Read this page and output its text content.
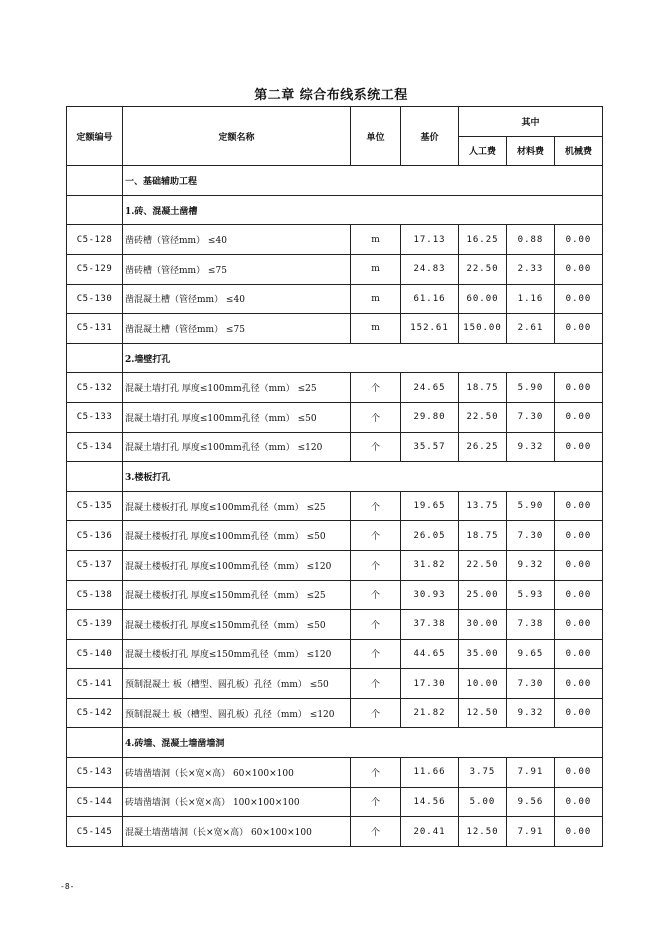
第二章 综合布线系统工程
定额编号	定额名称	单位	基价	其中		
				人工费	材料费	机械费
	一、基础辅助工程					
	1.砖、混凝土凿槽					
C5-128	凿砖槽（管径mm） ≤40	m	17.13	16.25	0.88	0.00
C5-129	凿砖槽（管径mm） ≤75	m	24.83	22.50	2.33	0.00
C5-130	凿混凝土槽（管径mm） ≤40	m	61.16	60.00	1.16	0.00
C5-131	凿混凝土槽（管径mm） ≤75	m	152.61	150.00	2.61	0.00
	2.墙壁打孔					
C5-132	混凝土墙打孔 厚度≤100mm孔径（mm） ≤25	个	24.65	18.75	5.90	0.00
C5-133	混凝土墙打孔 厚度≤100mm孔径（mm） ≤50	个	29.80	22.50	7.30	0.00
C5-134	混凝土墙打孔 厚度≤100mm孔径（mm） ≤120	个	35.57	26.25	9.32	0.00
	3.楼板打孔					
C5-135	混凝土楼板打孔 厚度≤100mm孔径（mm） ≤25	个	19.65	13.75	5.90	0.00
C5-136	混凝土楼板打孔 厚度≤100mm孔径（mm） ≤50	个	26.05	18.75	7.30	0.00
C5-137	混凝土楼板打孔 厚度≤100mm孔径（mm） ≤120	个	31.82	22.50	9.32	0.00
C5-138	混凝土楼板打孔 厚度≤150mm孔径（mm） ≤25	个	30.93	25.00	5.93	0.00
C5-139	混凝土楼板打孔 厚度≤150mm孔径（mm） ≤50	个	37.38	30.00	7.38	0.00
C5-140	混凝土楼板打孔 厚度≤150mm孔径（mm） ≤120	个	44.65	35.00	9.65	0.00
C5-141	预制混凝土 板（槽型、圆孔板）孔径（mm） ≤50	个	17.30	10.00	7.30	0.00
C5-142	预制混凝土 板（槽型、圆孔板）孔径（mm） ≤120	个	21.82	12.50	9.32	0.00
	4.砖墙、混凝土墙凿墙洞					
C5-143	砖墙凿墙洞（长×宽×高） 60×100×100	个	11.66	3.75	7.91	0.00
C5-144	砖墙凿墙洞（长×宽×高） 100×100×100	个	14.56	5.00	9.56	0.00
C5-145	混凝土墙凿墙洞（长×宽×高） 60×100×100	个	20.41	12.50	7.91	0.00
-8-
